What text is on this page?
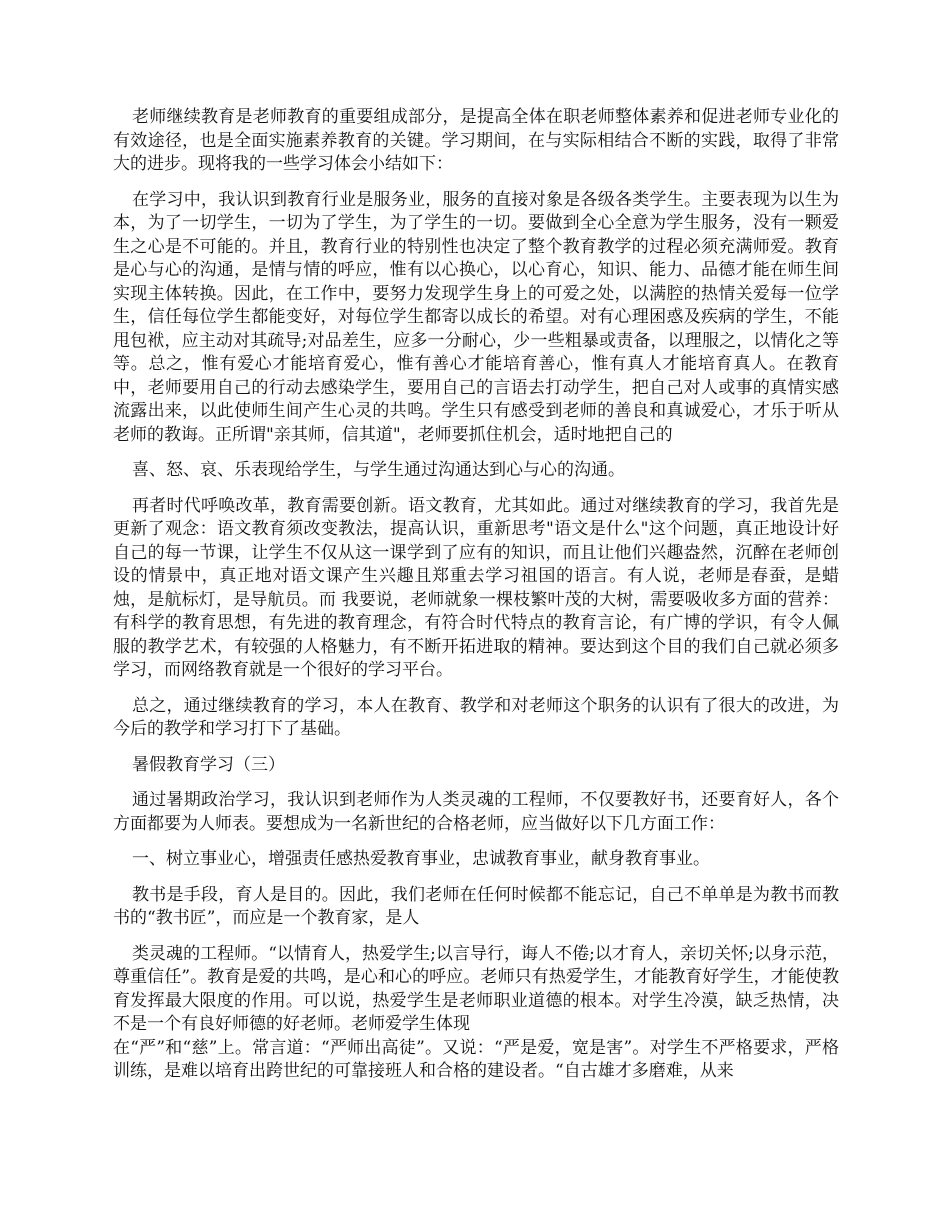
老师继续教育是老师教育的重要组成部分，是提高全体在职老师整体素养和促进老师专业化的有效途径，也是全面实施素养教育的关键。学习期间，在与实际相结合不断的实践，取得了非常大的进步。现将我的一些学习体会小结如下：

在学习中，我认识到教育行业是服务业，服务的直接对象是各级各类学生。主要表现为以生为本，为了一切学生，一切为了学生，为了学生的一切。要做到全心全意为学生服务，没有一颗爱生之心是不可能的。并且，教育行业的特别性也决定了整个教育教学的过程必须充满师爱。教育是心与心的沟通，是情与情的呼应，惟有以心换心，以心育心，知识、能力、品德才能在师生间实现主体转换。因此，在工作中，要努力发现学生身上的可爱之处，以满腔的热情关爱每一位学生，信任每位学生都能变好，对每位学生都寄以成长的希望。对有心理困惑及疾病的学生，不能甩包袱，应主动对其疏导;对品差生，应多一分耐心，少一些粗暴或责备，以理服之，以情化之等等。总之，惟有爱心才能培育爱心，惟有善心才能培育善心，惟有真人才能培育真人。在教育中，老师要用自己的行动去感染学生，要用自己的言语去打动学生，把自己对人或事的真情实感流露出来，以此使师生间产生心灵的共鸣。学生只有感受到老师的善良和真诚爱心，才乐于听从老师的教诲。正所谓"亲其师，信其道"，老师要抓住机会，适时地把自己的

喜、怒、哀、乐表现给学生，与学生通过沟通达到心与心的沟通。

再者时代呼唤改革，教育需要创新。语文教育，尤其如此。通过对继续教育的学习，我首先是更新了观念：语文教育须改变教法，提高认识，重新思考"语文是什么"这个问题，真正地设计好自己的每一节课，让学生不仅从这一课学到了应有的知识，而且让他们兴趣盎然，沉醉在老师创设的情景中，真正地对语文课产生兴趣且郑重去学习祖国的语言。有人说，老师是春蚕，是蜡烛，是航标灯，是导航员。而 我要说，老师就象一棵枝繁叶茂的大树，需要吸收多方面的营养：有科学的教育思想，有先进的教育理念，有符合时代特点的教育言论，有广博的学识，有令人佩服的教学艺术，有较强的人格魅力，有不断开拓进取的精神。要达到这个目的我们自己就必须多学习，而网络教育就是一个很好的学习平台。

总之，通过继续教育的学习，本人在教育、教学和对老师这个职务的认识有了很大的改进，为今后的教学和学习打下了基础。

暑假教育学习（三）

通过暑期政治学习，我认识到老师作为人类灵魂的工程师，不仅要教好书，还要育好人，各个方面都要为人师表。要想成为一名新世纪的合格老师，应当做好以下几方面工作：

一、树立事业心，增强责任感热爱教育事业，忠诚教育事业，献身教育事业。

教书是手段，育人是目的。因此，我们老师在任何时候都不能忘记，自己不单单是为教书而教书的“教书匠”，而应是一个教育家，是人

类灵魂的工程师。“以情育人，热爱学生;以言导行，诲人不倦;以才育人，亲切关怀;以身示范，尊重信任”。教育是爱的共鸣，是心和心的呼应。老师只有热爱学生，才能教育好学生，才能使教育发挥最大限度的作用。可以说，热爱学生是老师职业道德的根本。对学生冷漠，缺乏热情，决不是一个有良好师德的好老师。老师爱学生体现

在“严”和“慈”上。常言道：“严师出高徒”。又说：“严是爱，宽是害”。对学生不严格要求，严格训练，是难以培育出跨世纪的可靠接班人和合格的建设者。“自古雄才多磨难，从来
